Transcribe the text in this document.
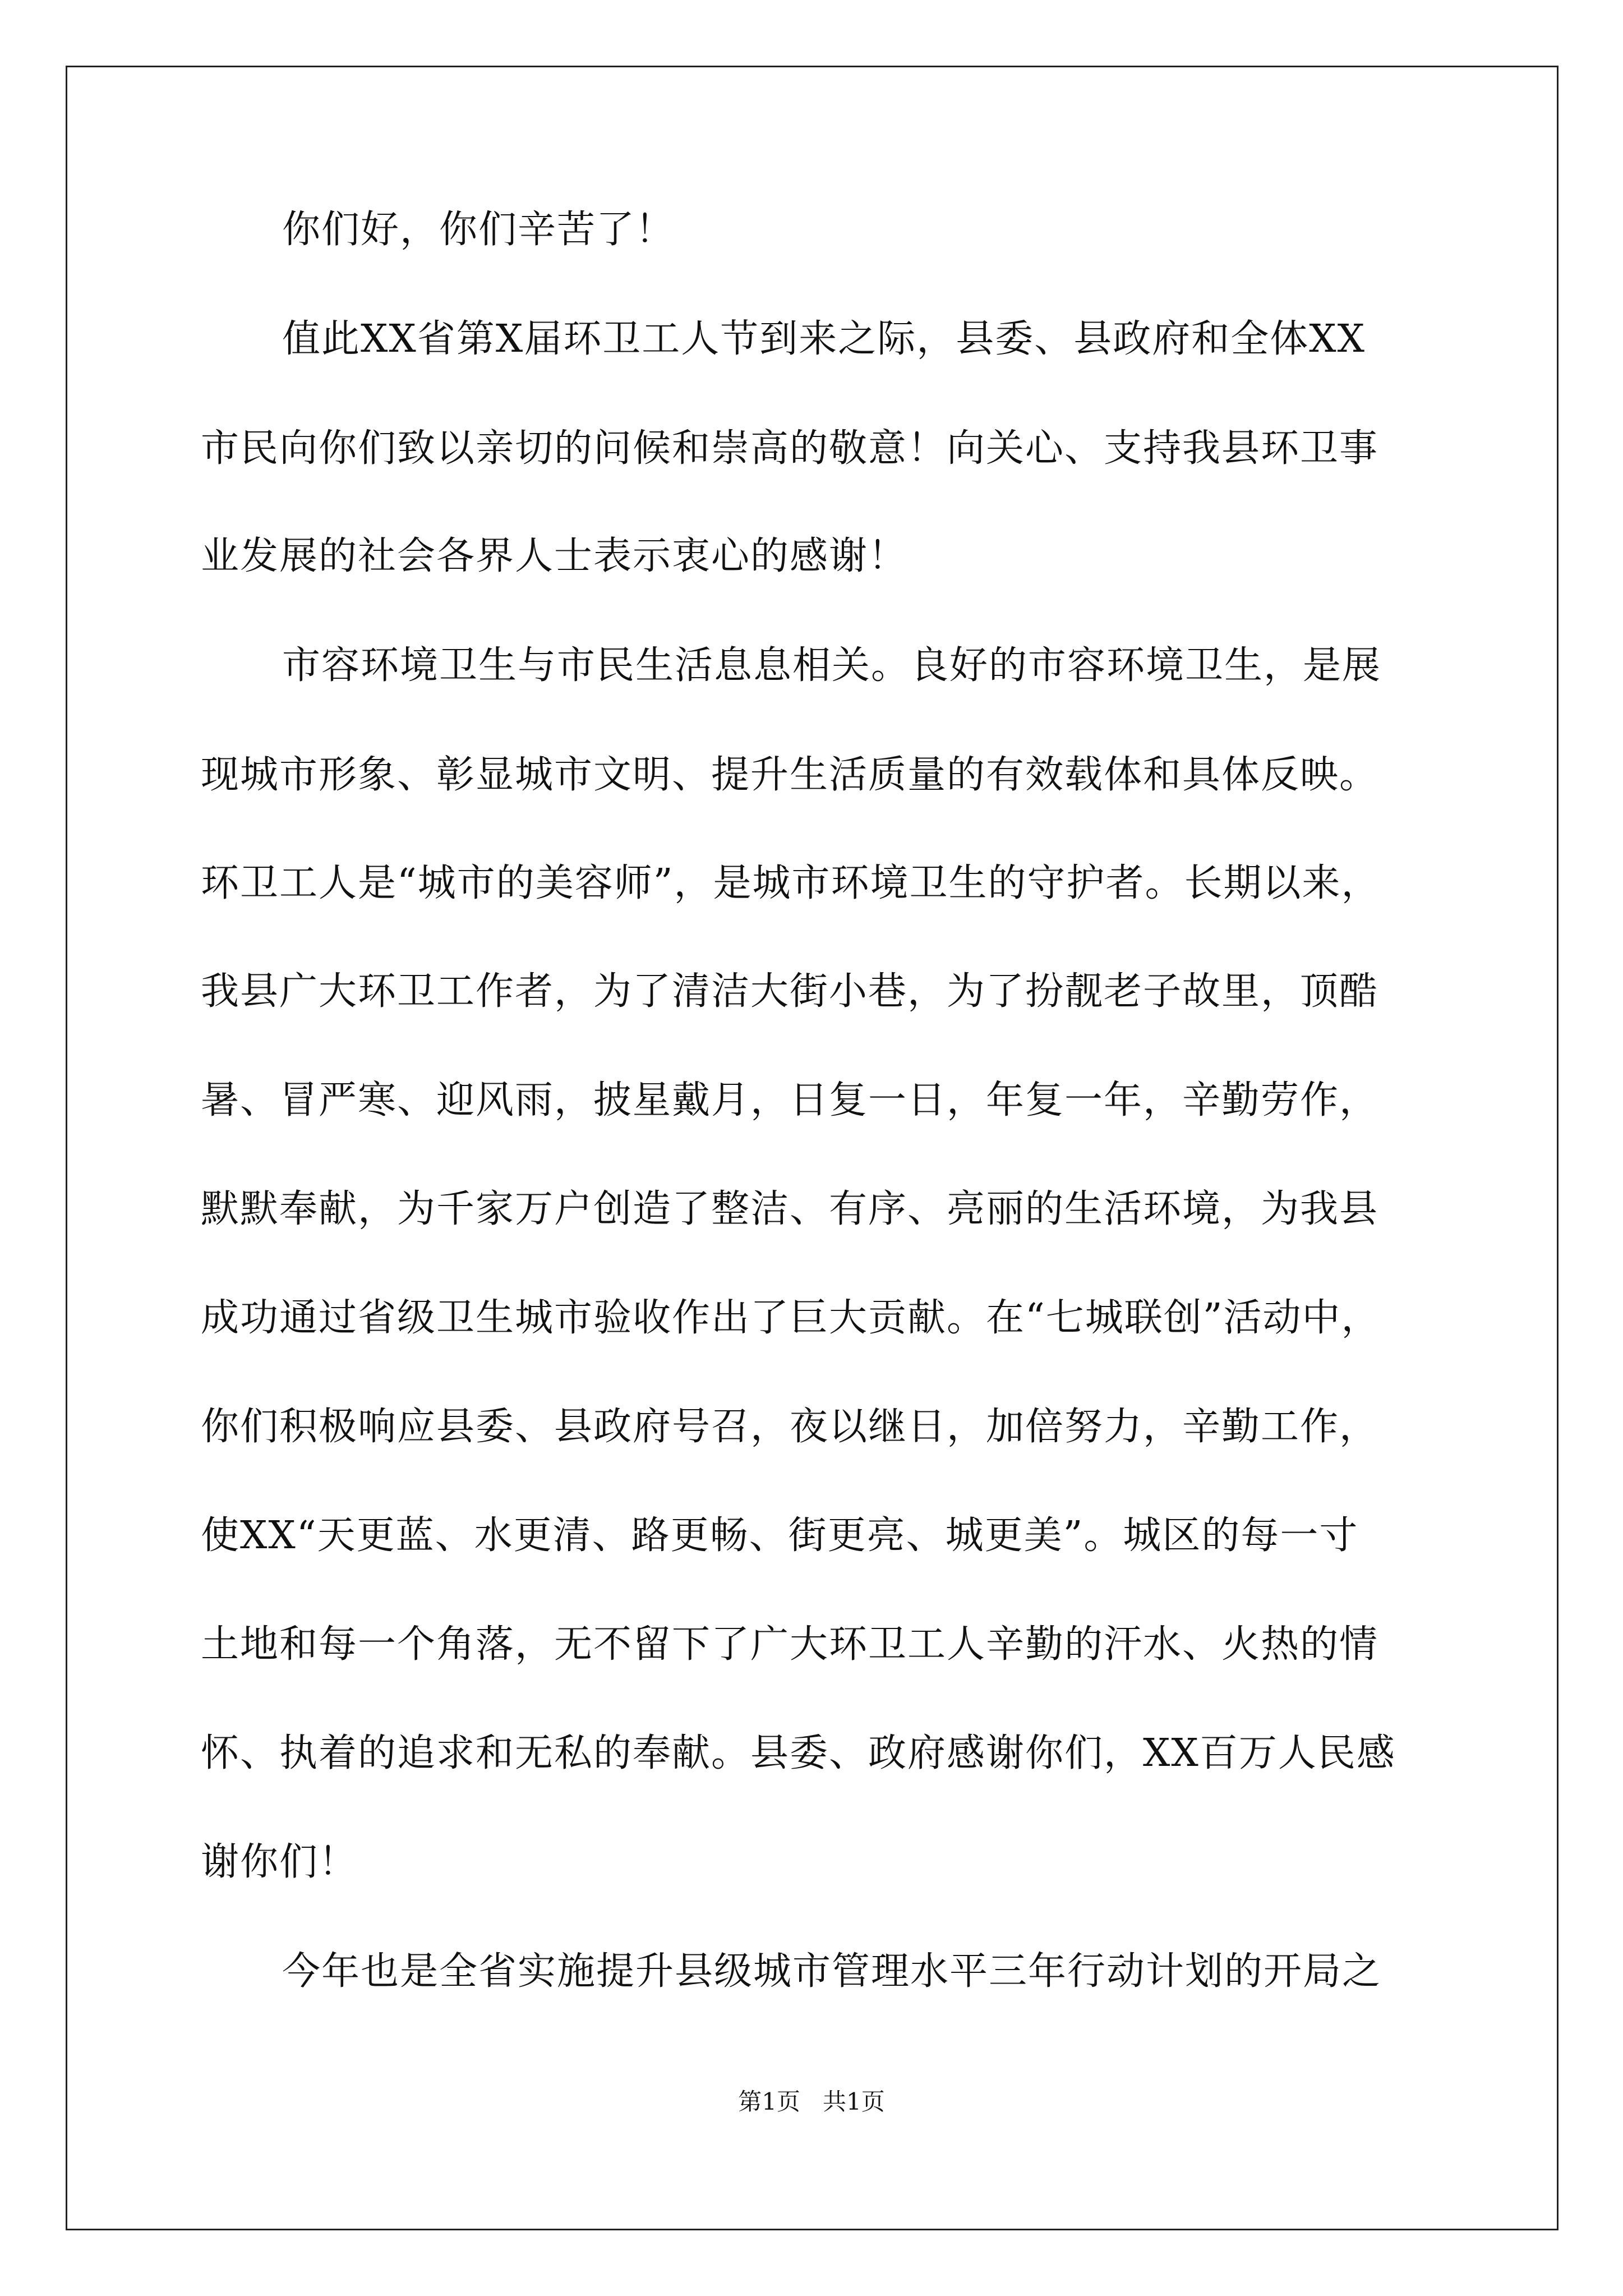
你们好，你们辛苦了！
值此XX省第X届环卫工人节到来之际，县委、县政府和全体XX
市民向你们致以亲切的问候和崇高的敬意！向关心、支持我县环卫事
业发展的社会各界人士表示衷心的感谢！
市容环境卫生与市民生活息息相关。良好的市容环境卫生，是展
现城市形象、彰显城市文明、提升生活质量的有效载体和具体反映。
环卫工人是“城市的美容师”，是城市环境卫生的守护者。长期以来，
我县广大环卫工作者，为了清洁大街小巷，为了扮靓老子故里，顶酷
暑、冒严寒、迎风雨，披星戴月，日复一日，年复一年，辛勤劳作，
默默奉献，为千家万户创造了整洁、有序、亮丽的生活环境，为我县
成功通过省级卫生城市验收作出了巨大贡献。在“七城联创”活动中，
你们积极响应县委、县政府号召，夜以继日，加倍努力，辛勤工作，
使XX“天更蓝、水更清、路更畅、街更亮、城更美”。城区的每一寸
土地和每一个角落，无不留下了广大环卫工人辛勤的汗水、火热的情
怀、执着的追求和无私的奉献。县委、政府感谢你们，XX百万人民感
谢你们！
今年也是全省实施提升县级城市管理水平三年行动计划的开局之
第1页 共1页
